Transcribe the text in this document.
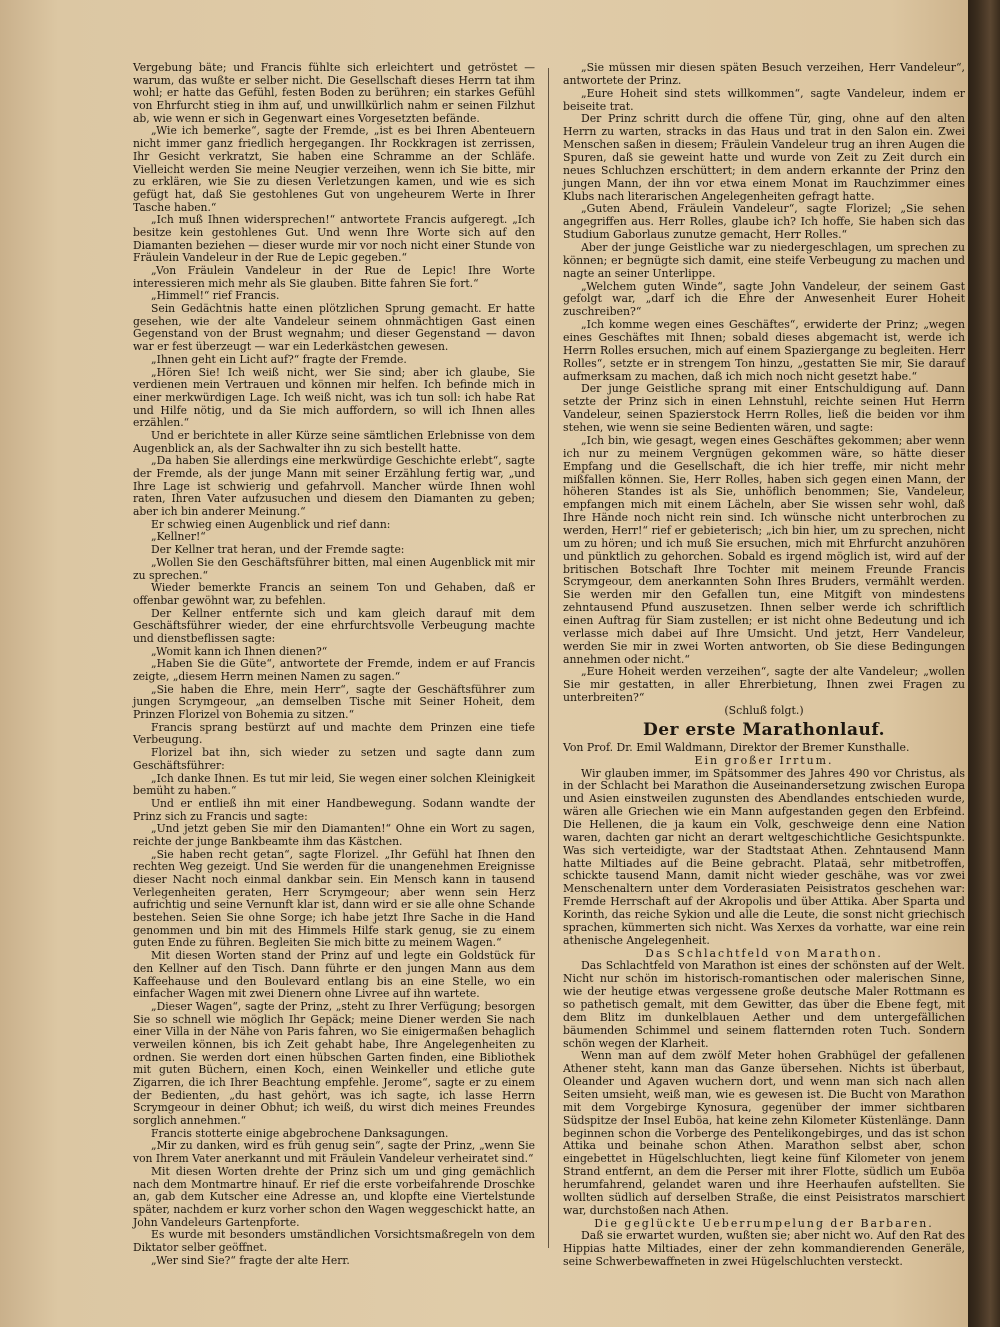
Vergebung bäte; und Francis fühlte sich erleichtert und getröstet — warum, das wußte er selber nicht. Die Gesellschaft dieses Herrn tat ihm wohl; er hatte das Gefühl, festen Boden zu berühren; ein starkes Gefühl von Ehrfurcht stieg in ihm auf, und unwillkürlich nahm er seinen Filzhut ab, wie wenn er sich in Gegenwart eines Vorgesetzten befände.

„Wie ich bemerke“, sagte der Fremde, „ist es bei Ihren Abenteuern nicht immer ganz friedlich hergegangen. Ihr Rockkragen ist zerrissen, Ihr Gesicht verkratzt, Sie haben eine Schramme an der Schläfe. Vielleicht werden Sie meine Neugier verzeihen, wenn ich Sie bitte, mir zu erklären, wie Sie zu diesen Verletzungen kamen, und wie es sich gefügt hat, daß Sie gestohlenes Gut von ungeheurem Werte in Ihrer Tasche haben.“

„Ich muß Ihnen widersprechen!“ antwortete Francis aufgeregt. „Ich besitze kein gestohlenes Gut. Und wenn Ihre Worte sich auf den Diamanten beziehen — dieser wurde mir vor noch nicht einer Stunde von Fräulein Vandeleur in der Rue de Lepic gegeben.“

„Von Fräulein Vandeleur in der Rue de Lepic! Ihre Worte interessieren mich mehr als Sie glauben. Bitte fahren Sie fort.“

„Himmel!“ rief Francis.

Sein Gedächtnis hatte einen plötzlichen Sprung gemacht. Er hatte gesehen, wie der alte Vandeleur seinem ohnmächtigen Gast einen Gegenstand von der Brust wegnahm; und dieser Gegenstand — davon war er fest überzeugt — war ein Lederkästchen gewesen.

„Ihnen geht ein Licht auf?“ fragte der Fremde.

„Hören Sie! Ich weiß nicht, wer Sie sind; aber ich glaube, Sie verdienen mein Vertrauen und können mir helfen. Ich befinde mich in einer merkwürdigen Lage. Ich weiß nicht, was ich tun soll: ich habe Rat und Hilfe nötig, und da Sie mich auffordern, so will ich Ihnen alles erzählen.“

Und er berichtete in aller Kürze seine sämtlichen Erlebnisse von dem Augenblick an, als der Sachwalter ihn zu sich bestellt hatte.

„Da haben Sie allerdings eine merkwürdige Geschichte erlebt“, sagte der Fremde, als der junge Mann mit seiner Erzählung fertig war, „und Ihre Lage ist schwierig und gefahrvoll. Mancher würde Ihnen wohl raten, Ihren Vater aufzusuchen und diesem den Diamanten zu geben; aber ich bin anderer Meinung.“

Er schwieg einen Augenblick und rief dann:

„Kellner!“

Der Kellner trat heran, und der Fremde sagte:

„Wollen Sie den Geschäftsführer bitten, mal einen Augenblick mit mir zu sprechen.“

Wieder bemerkte Francis an seinem Ton und Gehaben, daß er offenbar gewöhnt war, zu befehlen.

Der Kellner entfernte sich und kam gleich darauf mit dem Geschäftsführer wieder, der eine ehrfurchtsvolle Verbeugung machte und dienstbeflissen sagte:

„Womit kann ich Ihnen dienen?“

„Haben Sie die Güte“, antwortete der Fremde, indem er auf Francis zeigte, „diesem Herrn meinen Namen zu sagen.“

„Sie haben die Ehre, mein Herr“, sagte der Geschäftsführer zum jungen Scrymgeour, „an demselben Tische mit Seiner Hoheit, dem Prinzen Florizel von Bohemia zu sitzen.“

Francis sprang bestürzt auf und machte dem Prinzen eine tiefe Verbeugung.

Florizel bat ihn, sich wieder zu setzen und sagte dann zum Geschäftsführer:

„Ich danke Ihnen. Es tut mir leid, Sie wegen einer solchen Kleinigkeit bemüht zu haben.“

Und er entließ ihn mit einer Handbewegung. Sodann wandte der Prinz sich zu Francis und sagte:

„Und jetzt geben Sie mir den Diamanten!“ Ohne ein Wort zu sagen, reichte der junge Bankbeamte ihm das Kästchen.

„Sie haben recht getan“, sagte Florizel. „Ihr Gefühl hat Ihnen den rechten Weg gezeigt. Und Sie werden für die unangenehmen Ereignisse dieser Nacht noch einmal dankbar sein. Ein Mensch kann in tausend Verlegenheiten geraten, Herr Scrymgeour; aber wenn sein Herz aufrichtig und seine Vernunft klar ist, dann wird er sie alle ohne Schande bestehen. Seien Sie ohne Sorge; ich habe jetzt Ihre Sache in die Hand genommen und bin mit des Himmels Hilfe stark genug, sie zu einem guten Ende zu führen. Begleiten Sie mich bitte zu meinem Wagen.“

Mit diesen Worten stand der Prinz auf und legte ein Goldstück für den Kellner auf den Tisch. Dann führte er den jungen Mann aus dem Kaffeehause und den Boulevard entlang bis an eine Stelle, wo ein einfacher Wagen mit zwei Dienern ohne Livree auf ihn wartete.

„Dieser Wagen“, sagte der Prinz, „steht zu Ihrer Verfügung; besorgen Sie so schnell wie möglich Ihr Gepäck; meine Diener werden Sie nach einer Villa in der Nähe von Paris fahren, wo Sie einigermaßen behaglich verweilen können, bis ich Zeit gehabt habe, Ihre Angelegenheiten zu ordnen. Sie werden dort einen hübschen Garten finden, eine Bibliothek mit guten Büchern, einen Koch, einen Weinkeller und etliche gute Zigarren, die ich Ihrer Beachtung empfehle. Jerome“, sagte er zu einem der Bedienten, „du hast gehört, was ich sagte, ich lasse Herrn Scrymgeour in deiner Obhut; ich weiß, du wirst dich meines Freundes sorglich annehmen.“

Francis stotterte einige abgebrochene Danksagungen.

„Mir zu danken, wird es früh genug sein“, sagte der Prinz, „wenn Sie von Ihrem Vater anerkannt und mit Fräulein Vandeleur verheiratet sind.“

Mit diesen Worten drehte der Prinz sich um und ging gemächlich nach dem Montmartre hinauf. Er rief die erste vorbeifahrende Droschke an, gab dem Kutscher eine Adresse an, und klopfte eine Viertelstunde später, nachdem er kurz vorher schon den Wagen weggeschickt hatte, an John Vandeleurs Gartenpforte.

Es wurde mit besonders umständlichen Vorsichtsmaßregeln von dem Diktator selber geöffnet.

„Wer sind Sie?“ fragte der alte Herr.

„Sie müssen mir diesen späten Besuch verzeihen, Herr Vandeleur“, antwortete der Prinz.

„Eure Hoheit sind stets willkommen“, sagte Vandeleur, indem er beiseite trat.

Der Prinz schritt durch die offene Tür, ging, ohne auf den alten Herrn zu warten, stracks in das Haus und trat in den Salon ein. Zwei Menschen saßen in diesem; Fräulein Vandeleur trug an ihren Augen die Spuren, daß sie geweint hatte und wurde von Zeit zu Zeit durch ein neues Schluchzen erschüttert; in dem andern erkannte der Prinz den jungen Mann, der ihn vor etwa einem Monat im Rauchzimmer eines Klubs nach literarischen Angelegenheiten gefragt hatte.

„Guten Abend, Fräulein Vandeleur“, sagte Florizel; „Sie sehen angegriffen aus. Herr Rolles, glaube ich? Ich hoffe, Sie haben sich das Studium Gaborlaus zunutze gemacht, Herr Rolles.“

Aber der junge Geistliche war zu niedergeschlagen, um sprechen zu können; er begnügte sich damit, eine steife Verbeugung zu machen und nagte an seiner Unterlippe.

„Welchem guten Winde“, sagte John Vandeleur, der seinem Gast gefolgt war, „darf ich die Ehre der Anwesenheit Eurer Hoheit zuschreiben?“

„Ich komme wegen eines Geschäftes“, erwiderte der Prinz; „wegen eines Geschäftes mit Ihnen; sobald dieses abgemacht ist, werde ich Herrn Rolles ersuchen, mich auf einem Spaziergange zu begleiten. Herr Rolles“, setzte er in strengem Ton hinzu, „gestatten Sie mir, Sie darauf aufmerksam zu machen, daß ich mich noch nicht gesetzt habe.“

Der junge Geistliche sprang mit einer Entschuldigung auf. Dann setzte der Prinz sich in einen Lehnstuhl, reichte seinen Hut Herrn Vandeleur, seinen Spazierstock Herrn Rolles, ließ die beiden vor ihm stehen, wie wenn sie seine Bedienten wären, und sagte:

„Ich bin, wie gesagt, wegen eines Geschäftes gekommen; aber wenn ich nur zu meinem Vergnügen gekommen wäre, so hätte dieser Empfang und die Gesellschaft, die ich hier treffe, mir nicht mehr mißfallen können. Sie, Herr Rolles, haben sich gegen einen Mann, der höheren Standes ist als Sie, unhöflich benommen; Sie, Vandeleur, empfangen mich mit einem Lächeln, aber Sie wissen sehr wohl, daß Ihre Hände noch nicht rein sind. Ich wünsche nicht unterbrochen zu werden, Herr!“ rief er gebieterisch; „ich bin hier, um zu sprechen, nicht um zu hören; und ich muß Sie ersuchen, mich mit Ehrfurcht anzuhören und pünktlich zu gehorchen. Sobald es irgend möglich ist, wird auf der britischen Botschaft Ihre Tochter mit meinem Freunde Francis Scrymgeour, dem anerkannten Sohn Ihres Bruders, vermählt werden. Sie werden mir den Gefallen tun, eine Mitgift von mindestens zehntausend Pfund auszusetzen. Ihnen selber werde ich schriftlich einen Auftrag für Siam zustellen; er ist nicht ohne Bedeutung und ich verlasse mich dabei auf Ihre Umsicht. Und jetzt, Herr Vandeleur, werden Sie mir in zwei Worten antworten, ob Sie diese Bedingungen annehmen oder nicht.“

„Eure Hoheit werden verzeihen“, sagte der alte Vandeleur; „wollen Sie mir gestatten, in aller Ehrerbietung, Ihnen zwei Fragen zu unterbreiten?“

(Schluß folgt.)

Der erste Marathonlauf.

Von Prof. Dr. Emil Waldmann, Direktor der Bremer Kunsthalle.

Ein großer Irrtum.

Wir glauben immer, im Spätsommer des Jahres 490 vor Christus, als in der Schlacht bei Marathon die Auseinandersetzung zwischen Europa und Asien einstweilen zugunsten des Abendlandes entschieden wurde, wären alle Griechen wie ein Mann aufgestanden gegen den Erbfeind. Die Hellenen, die ja kaum ein Volk, geschweige denn eine Nation waren, dachten gar nicht an derart weltgeschichtliche Gesichtspunkte. Was sich verteidigte, war der Stadtstaat Athen. Zehntausend Mann hatte Miltiades auf die Beine gebracht. Plataä, sehr mitbetroffen, schickte tausend Mann, damit nicht wieder geschähe, was vor zwei Menschenaltern unter dem Vorderasiaten Peisistratos geschehen war: Fremde Herrschaft auf der Akropolis und über Attika. Aber Sparta und Korinth, das reiche Sykion und alle die Leute, die sonst nicht griechisch sprachen, kümmerten sich nicht. Was Xerxes da vorhatte, war eine rein athenische Angelegenheit.

Das Schlachtfeld von Marathon.

Das Schlachtfeld von Marathon ist eines der schönsten auf der Welt. Nicht nur schön im historisch-romantischen oder malerischen Sinne, wie der heutige etwas vergessene große deutsche Maler Rottmann es so pathetisch gemalt, mit dem Gewitter, das über die Ebene fegt, mit dem Blitz im dunkelblauen Aether und dem untergefällichen bäumenden Schimmel und seinem flatternden roten Tuch. Sondern schön wegen der Klarheit.

Wenn man auf dem zwölf Meter hohen Grabhügel der gefallenen Athener steht, kann man das Ganze übersehen. Nichts ist überbaut, Oleander und Agaven wuchern dort, und wenn man sich nach allen Seiten umsieht, weiß man, wie es gewesen ist. Die Bucht von Marathon mit dem Vorgebirge Kynosura, gegenüber der immer sichtbaren Südspitze der Insel Euböa, hat keine zehn Kilometer Küstenlänge. Dann beginnen schon die Vorberge des Pentelikongebirges, und das ist schon Attika und beinahe schon Athen. Marathon selbst aber, schon eingebettet in Hügelschluchten, liegt keine fünf Kilometer von jenem Strand entfernt, an dem die Perser mit ihrer Flotte, südlich um Euböa herumfahrend, gelandet waren und ihre Heerhaufen aufstellten. Sie wollten südlich auf derselben Straße, die einst Peisistratos marschiert war, durchstoßen nach Athen.

Die geglückte Ueberrumpelung der Barbaren.

Daß sie erwartet wurden, wußten sie; aber nicht wo. Auf den Rat des Hippias hatte Miltiades, einer der zehn kommandierenden Generäle, seine Schwerbewaffneten in zwei Hügelschluchten versteckt.
